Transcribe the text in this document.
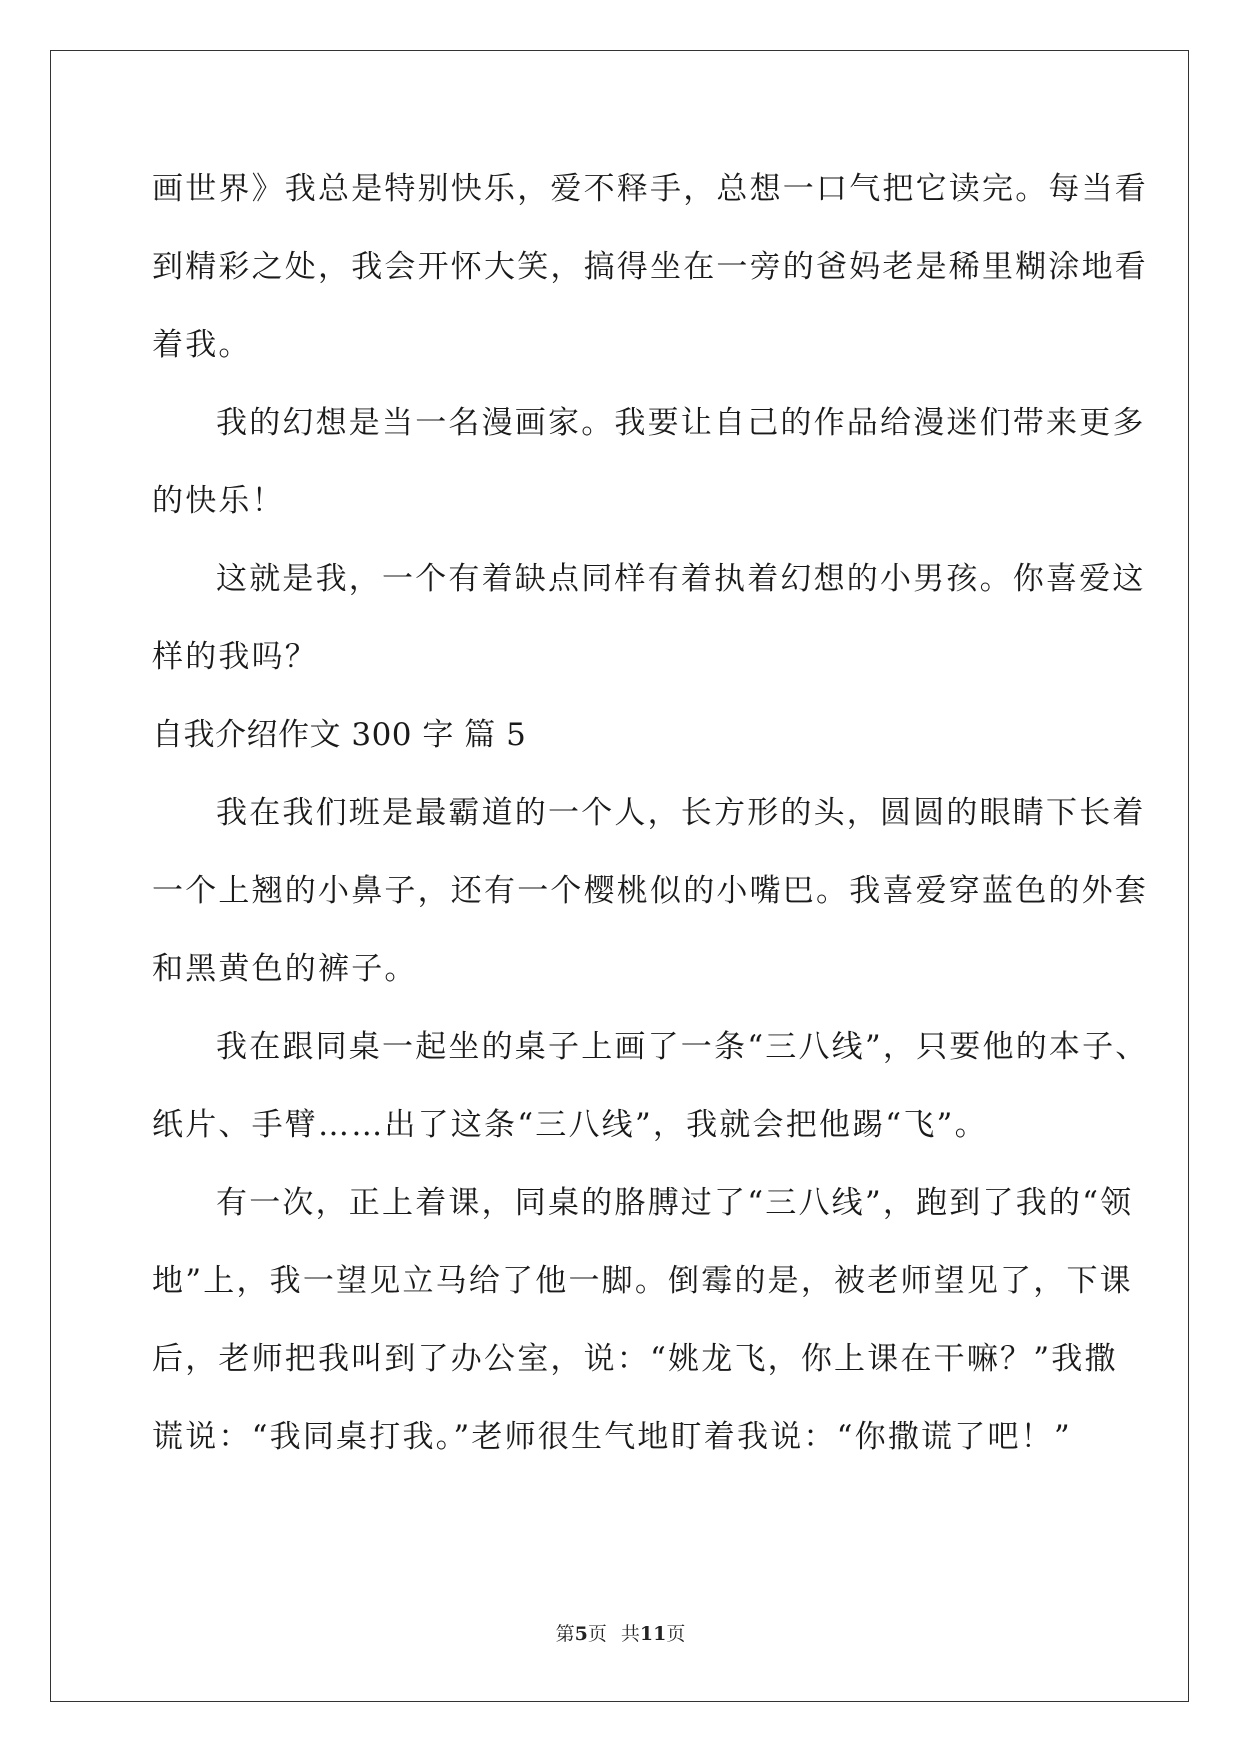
画世界》我总是特别快乐，爱不释手，总想一口气把它读完。每当看

到精彩之处，我会开怀大笑，搞得坐在一旁的爸妈老是稀里糊涂地看

着我。

我的幻想是当一名漫画家。我要让自己的作品给漫迷们带来更多

的快乐！

这就是我，一个有着缺点同样有着执着幻想的小男孩。你喜爱这

样的我吗？

自我介绍作文 300 字 篇 5

我在我们班是最霸道的一个人，长方形的头，圆圆的眼睛下长着

一个上翘的小鼻子，还有一个樱桃似的小嘴巴。我喜爱穿蓝色的外套

和黑黄色的裤子。

我在跟同桌一起坐的桌子上画了一条“三八线”，只要他的本子、

纸片、手臂……出了这条“三八线”，我就会把他踢“飞”。

有一次，正上着课，同桌的胳膊过了“三八线”，跑到了我的“领

地”上，我一望见立马给了他一脚。倒霉的是，被老师望见了，下课

后，老师把我叫到了办公室，说：“姚龙飞，你上课在干嘛？”我撒

谎说：“我同桌打我。”老师很生气地盯着我说：“你撒谎了吧！”

第5页 共11页
